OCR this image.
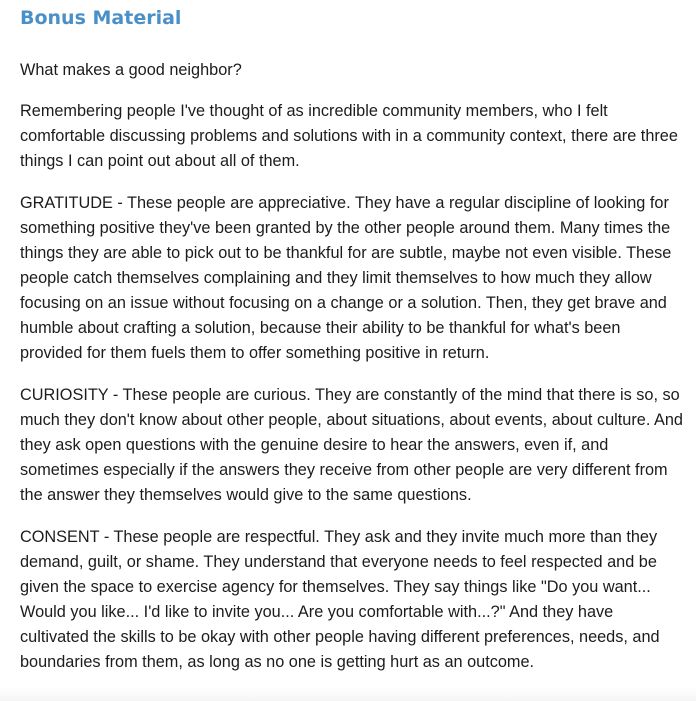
Bonus Material

What makes a good neighbor?

Remembering people I've thought of as incredible community members, who I felt comfortable discussing problems and solutions with in a community context, there are three things I can point out about all of them.

GRATITUDE - These people are appreciative. They have a regular discipline of looking for something positive they've been granted by the other people around them. Many times the things they are able to pick out to be thankful for are subtle, maybe not even visible. These people catch themselves complaining and they limit themselves to how much they allow focusing on an issue without focusing on a change or a solution. Then, they get brave and humble about crafting a solution, because their ability to be thankful for what's been provided for them fuels them to offer something positive in return.

CURIOSITY - These people are curious. They are constantly of the mind that there is so, so much they don't know about other people, about situations, about events, about culture. And they ask open questions with the genuine desire to hear the answers, even if, and sometimes especially if the answers they receive from other people are very different from the answer they themselves would give to the same questions.

CONSENT - These people are respectful. They ask and they invite much more than they demand, guilt, or shame. They understand that everyone needs to feel respected and be given the space to exercise agency for themselves. They say things like "Do you want... Would you like... I'd like to invite you... Are you comfortable with...?" And they have cultivated the skills to be okay with other people having different preferences, needs, and boundaries from them, as long as no one is getting hurt as an outcome.
